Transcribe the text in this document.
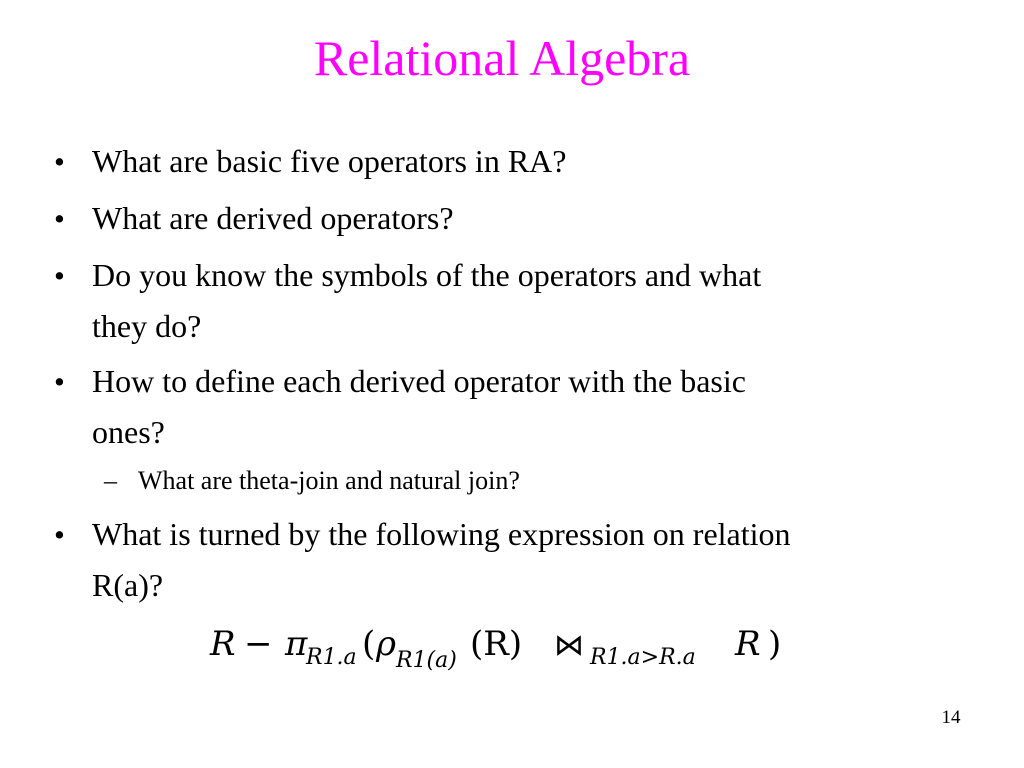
Relational Algebra
• What are basic five operators in RA?
• What are derived operators?
• Do you know the symbols of the operators and what
they do?
• How to define each derived operator with the basic
ones?
– What are theta-join and natural join?
• What is turned by the following expression on relation
R(a)?
R − π
R1.a ( ρ R1(a) (R) ⋈ R1.a>R.a R )
14
